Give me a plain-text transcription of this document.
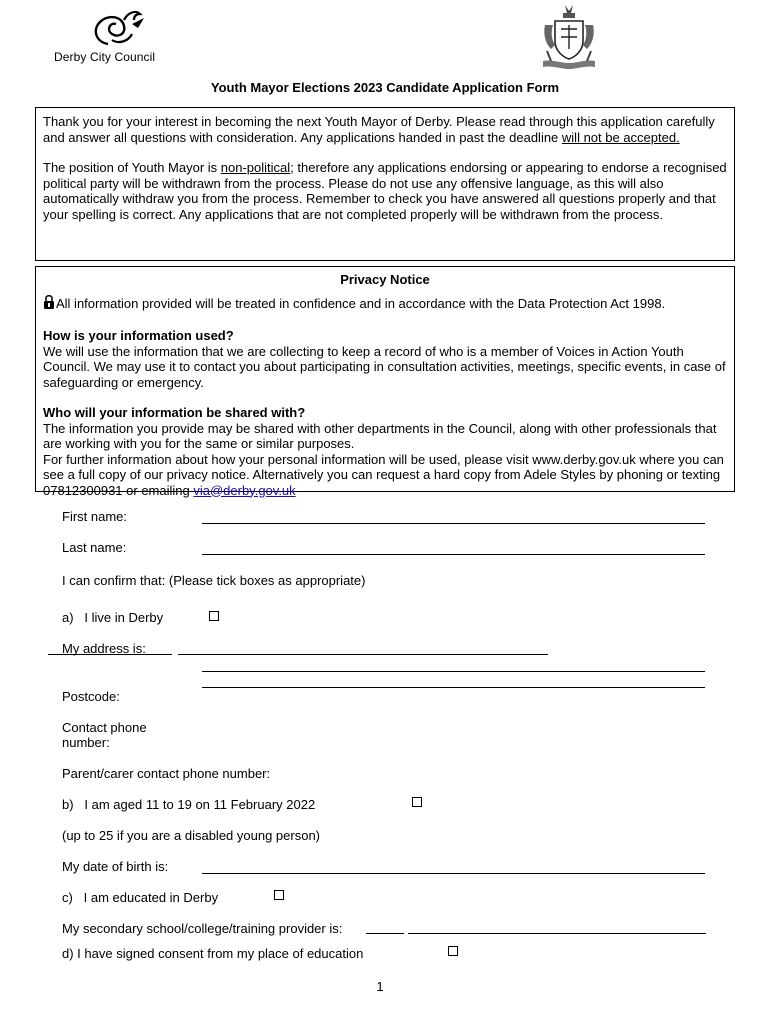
Derby City Council
Youth Mayor Elections 2023 Candidate Application Form

Thank you for your interest in becoming the next Youth Mayor of Derby. Please read through this application carefully and answer all questions with consideration. Any applications handed in past the deadline will not be accepted.

The position of Youth Mayor is non-political; therefore any applications endorsing or appearing to endorse a recognised political party will be withdrawn from the process. Please do not use any offensive language, as this will also automatically withdraw you from the process. Remember to check you have answered all questions properly and that your spelling is correct. Any applications that are not completed properly will be withdrawn from the process.

Privacy Notice

All information provided will be treated in confidence and in accordance with the Data Protection Act 1998.

How is your information used?

We will use the information that we are collecting to keep a record of who is a member of Voices in Action Youth Council. We may use it to contact you about participating in consultation activities, meetings, specific events, in case of safeguarding or emergency.

Who will your information be shared with?

The information you provide may be shared with other departments in the Council, along with other professionals that are working with you for the same or similar purposes.

For further information about how your personal information will be used, please visit www.derby.gov.uk where you can see a full copy of our privacy notice. Alternatively you can request a hard copy from Adele Styles by phoning or texting 07812300931 or emailing via@derby.gov.uk

First name:
Last name:
I can confirm that: (Please tick boxes as appropriate)
a)   I live in Derby
My address is:
Postcode:
Contact phone
number:
Parent/carer contact phone number:
b)   I am aged 11 to 19 on 11 February 2022
(up to 25 if you are a disabled young person)
My date of birth is:
c)   I am educated in Derby
My secondary school/college/training provider is:
d) I have signed consent from my place of education
1
